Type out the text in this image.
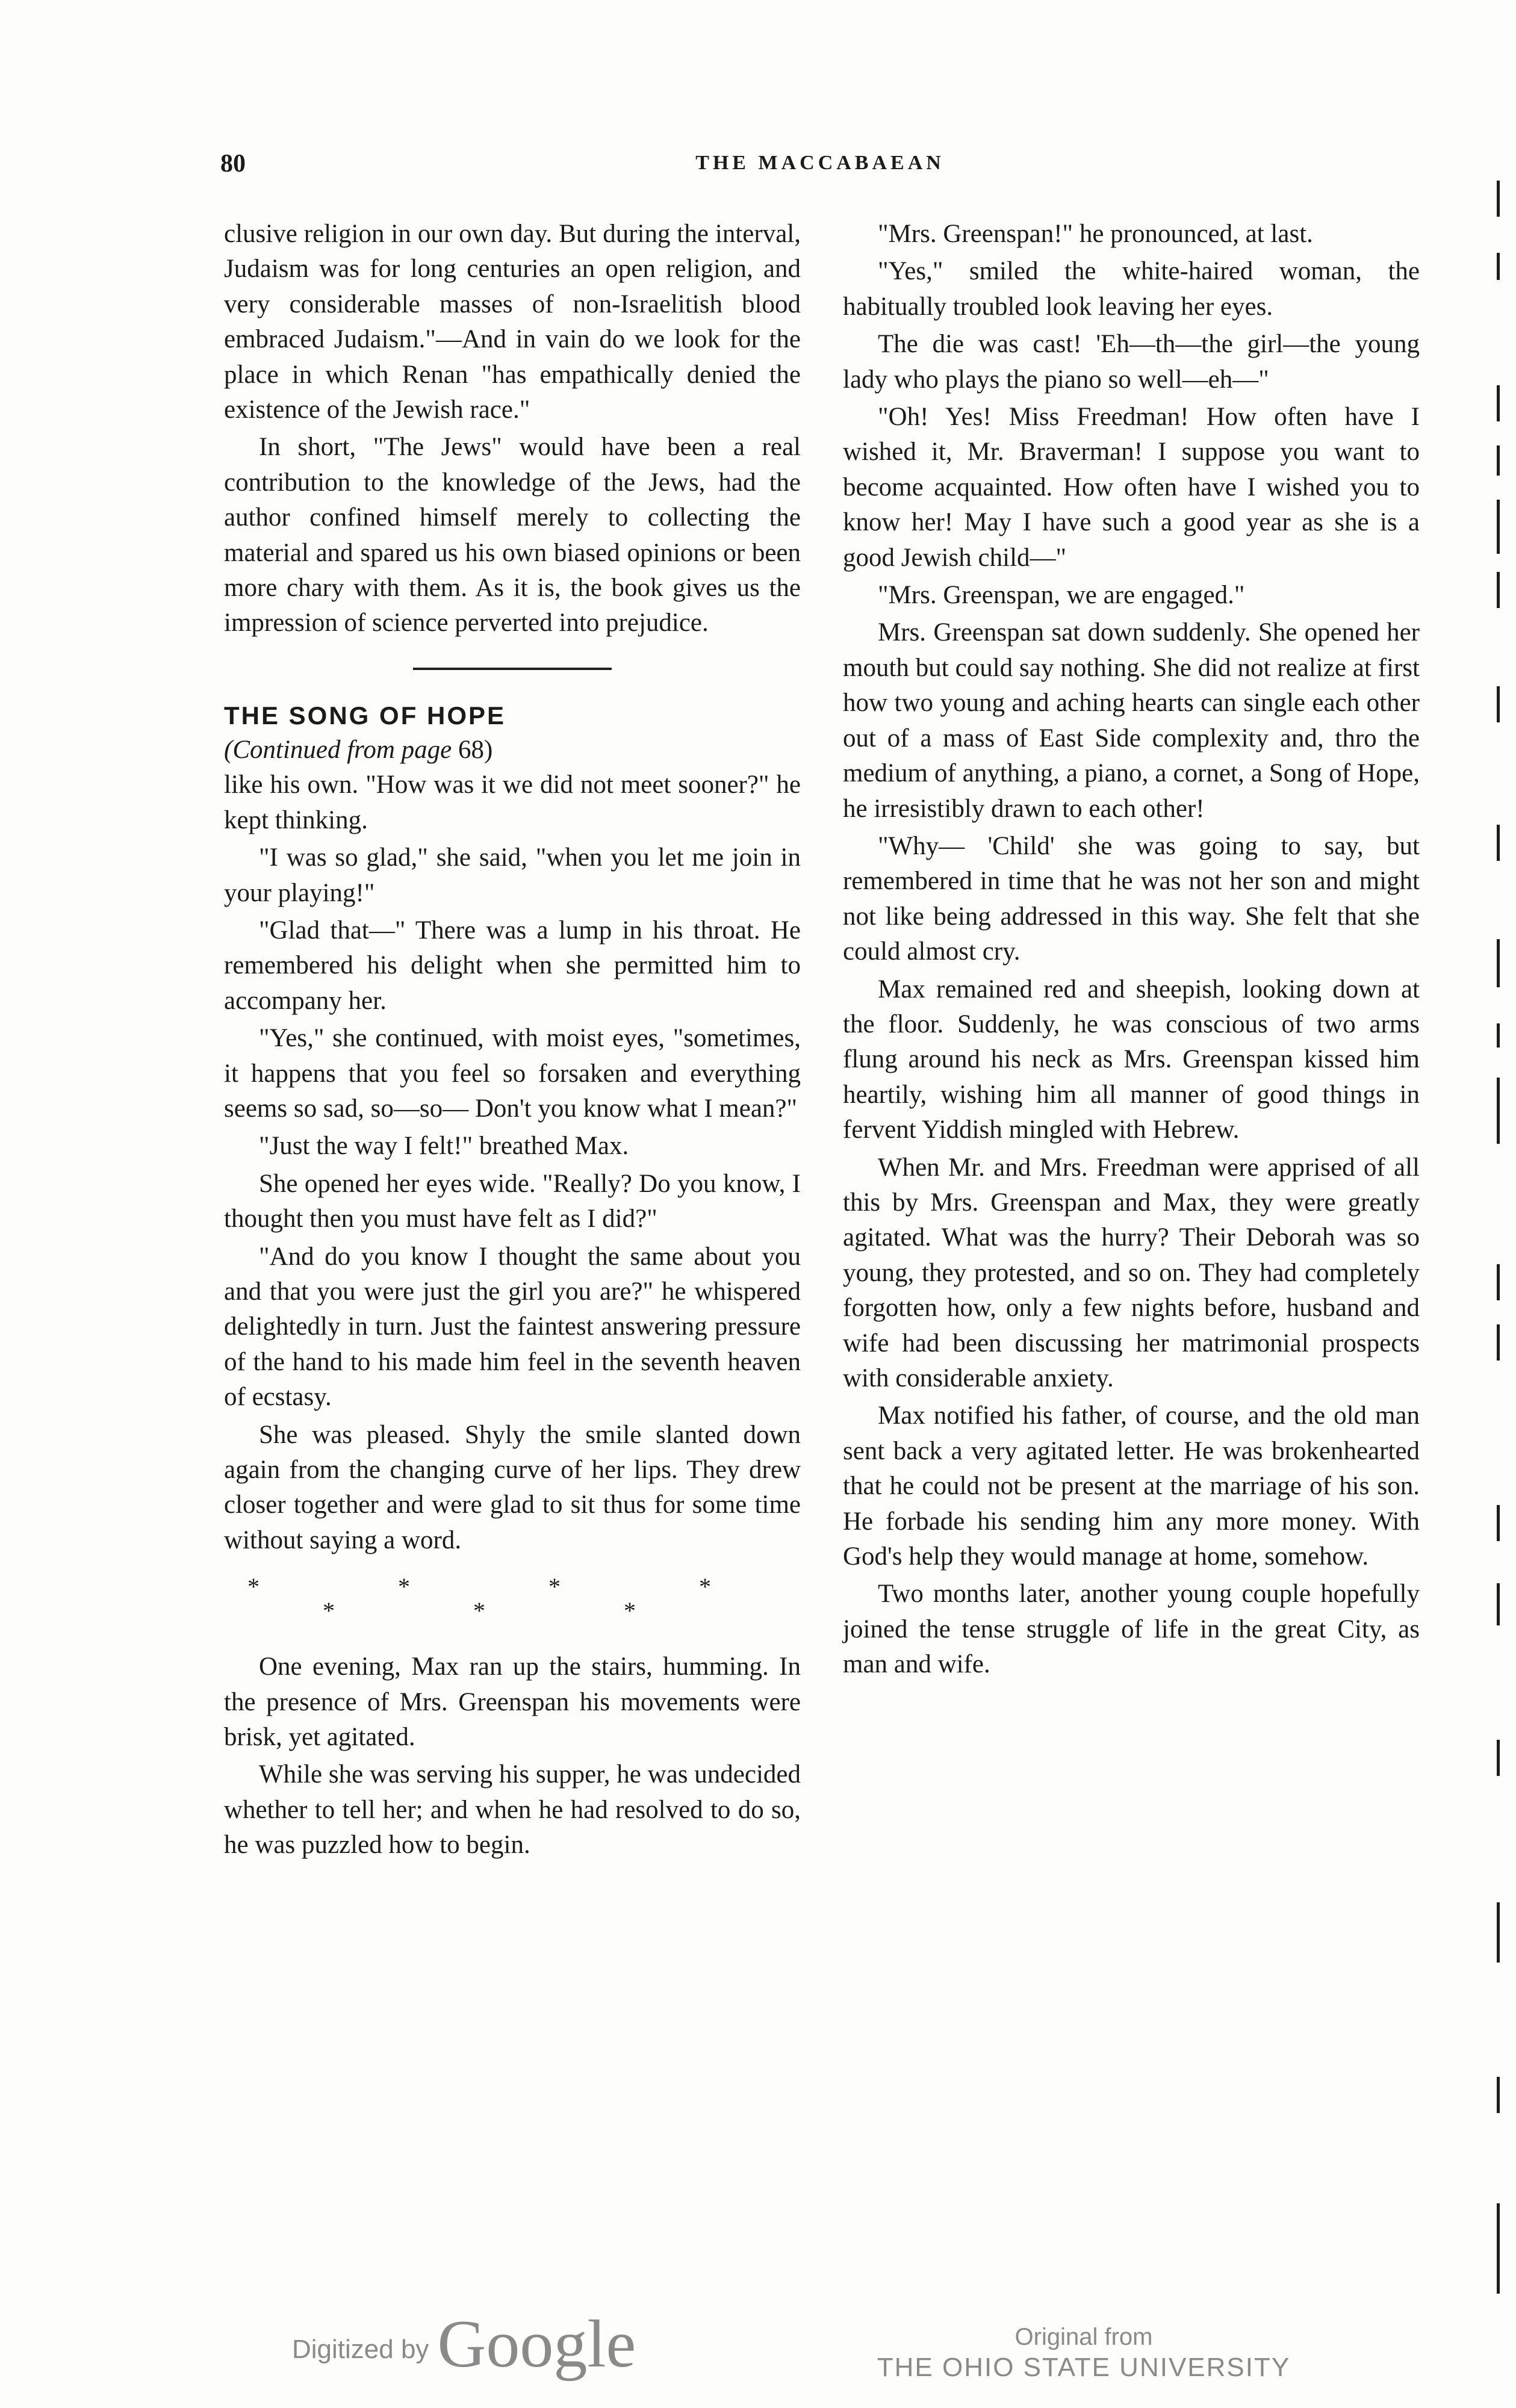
80	THE MACCABAEAN

clusive religion in our own day. But during the interval, Judaism was for long centuries an open religion, and very considerable masses of non-Israelitish blood embraced Judaism."—And in vain do we look for the place in which Renan "has empathically denied the existence of the Jewish race."

In short, "The Jews" would have been a real contribution to the knowledge of the Jews, had the author confined himself merely to collecting the material and spared us his own biased opinions or been more chary with them. As it is, the book gives us the impression of science perverted into prejudice.

THE SONG OF HOPE

(Continued from page 68)

like his own. "How was it we did not meet sooner?" he kept thinking.

"I was so glad," she said, "when you let me join in your playing!"

"Glad that—" There was a lump in his throat. He remembered his delight when she permitted him to accompany her.

"Yes," she continued, with moist eyes, "sometimes, it happens that you feel so forsaken and everything seems so sad, so—so— Don't you know what I mean?"

"Just the way I felt!" breathed Max.

She opened her eyes wide. "Really? Do you know, I thought then you must have felt as I did?"

"And do you know I thought the same about you and that you were just the girl you are?" he whispered delightedly in turn. Just the faintest answering pressure of the hand to his made him feel in the seventh heaven of ecstasy.

She was pleased. Shyly the smile slanted down again from the changing curve of her lips. They drew closer together and were glad to sit thus for some time without saying a word.

* * * * * * *

One evening, Max ran up the stairs, humming. In the presence of Mrs. Greenspan his movements were brisk, yet agitated.

While she was serving his supper, he was undecided whether to tell her; and when he had resolved to do so, he was puzzled how to begin.

"Mrs. Greenspan!" he pronounced, at last.

"Yes," smiled the white-haired woman, the habitually troubled look leaving her eyes.

The die was cast! 'Eh—th—the girl—the young lady who plays the piano so well—eh—"

"Oh! Yes! Miss Freedman! How often have I wished it, Mr. Braverman! I suppose you want to become acquainted. How often have I wished you to know her! May I have such a good year as she is a good Jewish child—"

"Mrs. Greenspan, we are engaged."

Mrs. Greenspan sat down suddenly. She opened her mouth but could say nothing. She did not realize at first how two young and aching hearts can single each other out of a mass of East Side complexity and, thro the medium of anything, a piano, a cornet, a Song of Hope, he irresistibly drawn to each other!

"Why— 'Child' she was going to say, but remembered in time that he was not her son and might not like being addressed in this way. She felt that she could almost cry.

Max remained red and sheepish, looking down at the floor. Suddenly, he was conscious of two arms flung around his neck as Mrs. Greenspan kissed him heartily, wishing him all manner of good things in fervent Yiddish mingled with Hebrew.

When Mr. and Mrs. Freedman were apprised of all this by Mrs. Greenspan and Max, they were greatly agitated. What was the hurry? Their Deborah was so young, they protested, and so on. They had completely forgotten how, only a few nights before, husband and wife had been discussing her matrimonial prospects with considerable anxiety.

Max notified his father, of course, and the old man sent back a very agitated letter. He was brokenhearted that he could not be present at the marriage of his son. He forbade his sending him any more money. With God's help they would manage at home, somehow.

Two months later, another young couple hopefully joined the tense struggle of life in the great City, as man and wife.

Digitized by Google	Original from
THE OHIO STATE UNIVERSITY
